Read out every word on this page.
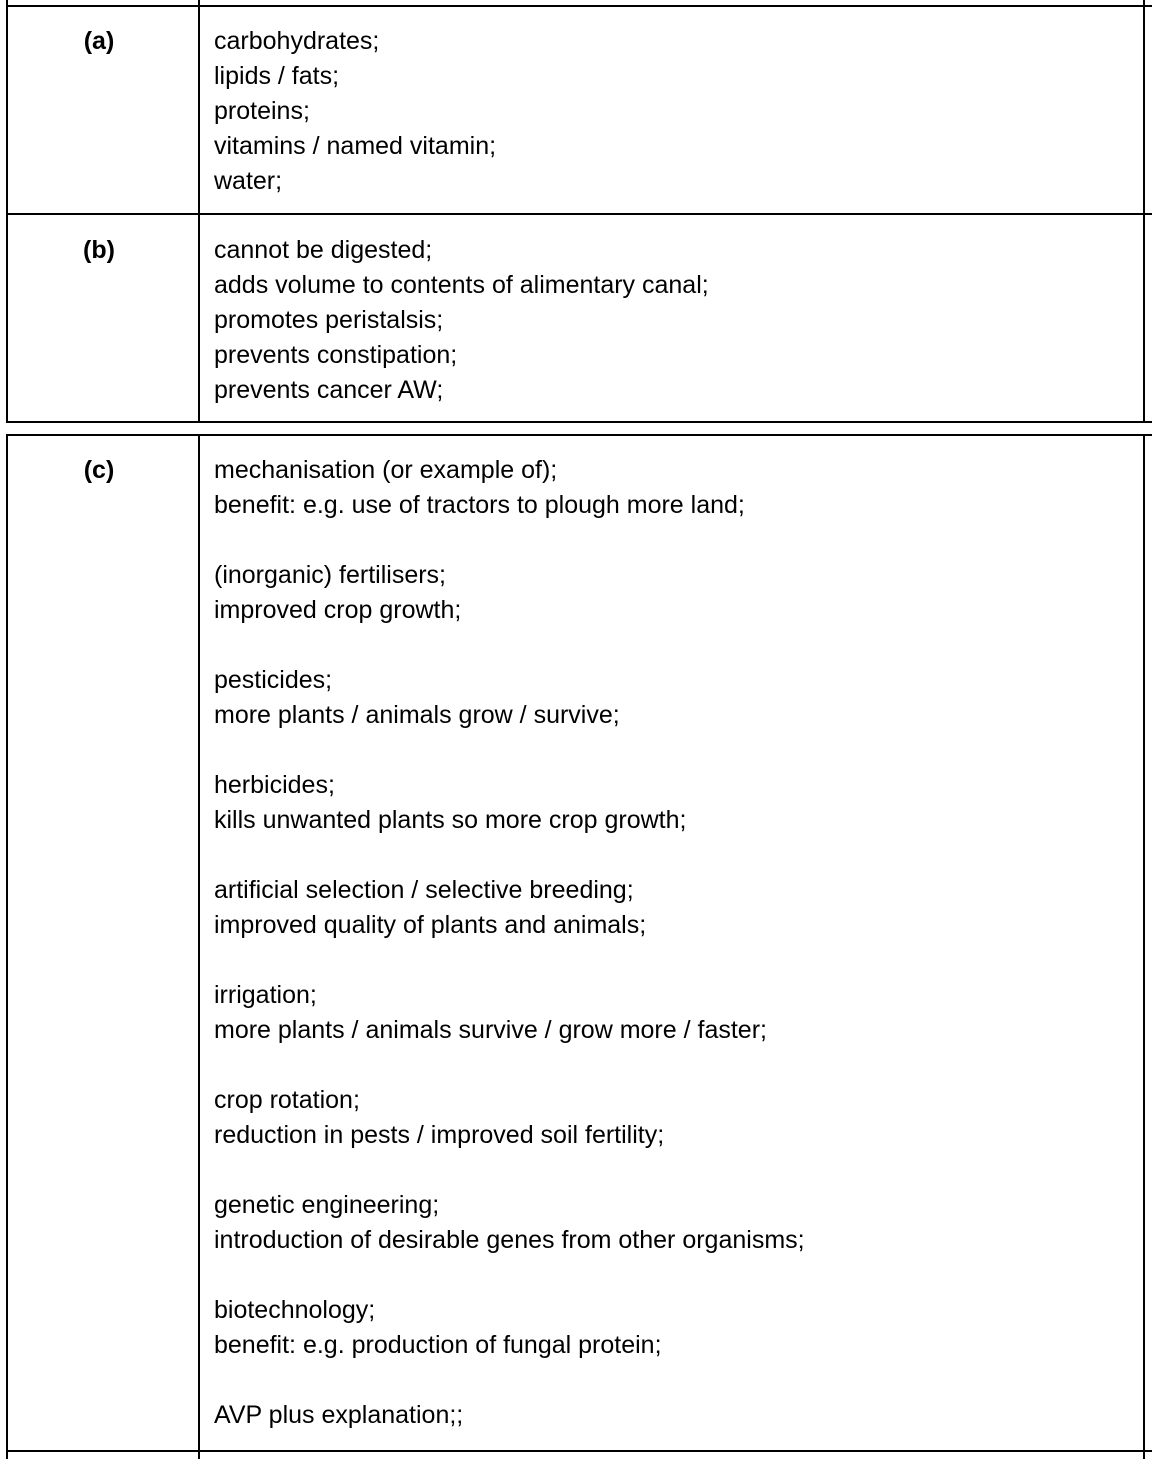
(a)	carbohydrates;
lipids / fats;
proteins;
vitamins / named vitamin;
water;
(b)	cannot be digested;
adds volume to contents of alimentary canal;
promotes peristalsis;
prevents constipation;
prevents cancer AW;
(c)	mechanisation (or example of);
benefit: e.g. use of tractors to plough more land;
(inorganic) fertilisers;
improved crop growth;
pesticides;
more plants / animals grow / survive;
herbicides;
kills unwanted plants so more crop growth;
artificial selection / selective breeding;
improved quality of plants and animals;
irrigation;
more plants / animals survive / grow more / faster;
crop rotation;
reduction in pests / improved soil fertility;
genetic engineering;
introduction of desirable genes from other organisms;
biotechnology;
benefit: e.g. production of fungal protein;
AVP plus explanation;;
